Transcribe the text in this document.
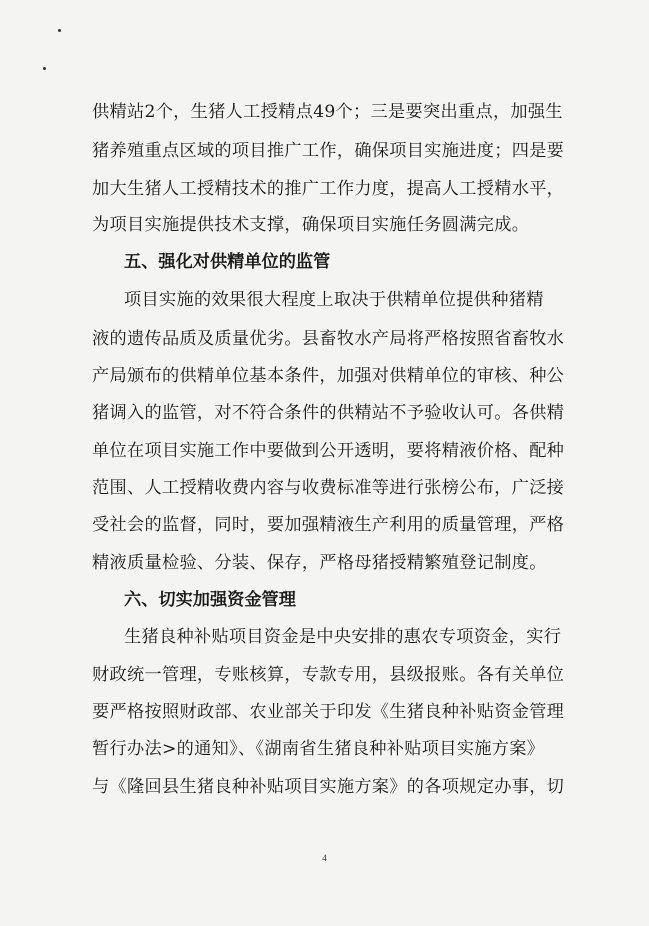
供精站2个，生猪人工授精点49个；三是要突出重点，加强生
猪养殖重点区域的项目推广工作，确保项目实施进度；四是要
加大生猪人工授精技术的推广工作力度，提高人工授精水平，
为项目实施提供技术支撑，确保项目实施任务圆满完成。
五、强化对供精单位的监管
项目实施的效果很大程度上取决于供精单位提供种猪精
液的遗传品质及质量优劣。县畜牧水产局将严格按照省畜牧水
产局颁布的供精单位基本条件，加强对供精单位的审核、种公
猪调入的监管，对不符合条件的供精站不予验收认可。各供精
单位在项目实施工作中要做到公开透明，要将精液价格、配种
范围、人工授精收费内容与收费标准等进行张榜公布，广泛接
受社会的监督，同时，要加强精液生产利用的质量管理，严格
精液质量检验、分装、保存，严格母猪授精繁殖登记制度。
六、切实加强资金管理
生猪良种补贴项目资金是中央安排的惠农专项资金，实行
财政统一管理，专账核算，专款专用，县级报账。各有关单位
要严格按照财政部、农业部关于印发《生猪良种补贴资金管理
暂行办法>的通知》、《湖南省生猪良种补贴项目实施方案》
与《隆回县生猪良种补贴项目实施方案》的各项规定办事，切
4
